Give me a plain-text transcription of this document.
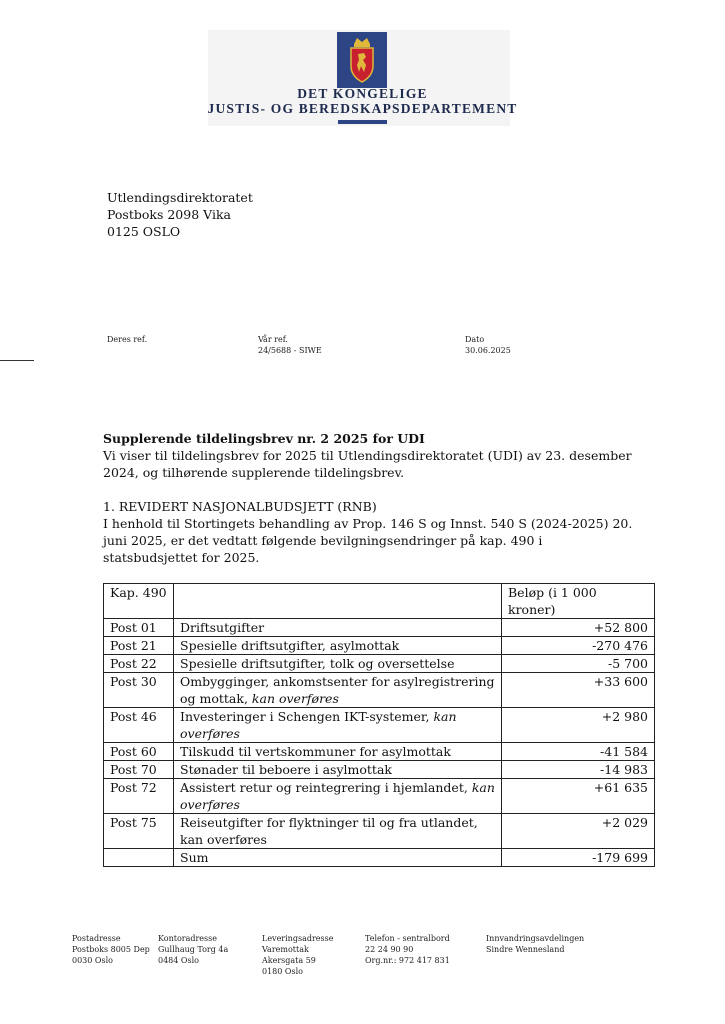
DET KONGELIGE
JUSTIS- OG BEREDSKAPSDEPARTEMENT
Utlendingsdirektoratet
Postboks 2098 Vika
0125 OSLO
Deres ref.	Vår ref.
24/5688 - SIWE
Dato
30.06.2025

Supplerende tildelingsbrev nr. 2 2025 for UDI

Vi viser til tildelingsbrev for 2025 til Utlendingsdirektoratet (UDI) av 23. desember 2024, og tilhørende supplerende tildelingsbrev.

1. REVIDERT NASJONALBUDSJETT (RNB)

I henhold til Stortingets behandling av Prop. 146 S og Innst. 540 S (2024-2025) 20. juni 2025, er det vedtatt følgende bevilgningsendringer på kap. 490 i statsbudsjettet for 2025.

Kap. 490		Beløp (i 1 000 kroner)
Post 01	Driftsutgifter	+52 800
Post 21	Spesielle driftsutgifter, asylmottak	-270 476
Post 22	Spesielle driftsutgifter, tolk og oversettelse	-5 700
Post 30	Ombygginger, ankomstsenter for asylregistrering og mottak, kan overføres	+33 600
Post 46	Investeringer i Schengen IKT-systemer, kan overføres	+2 980
Post 60	Tilskudd til vertskommuner for asylmottak	-41 584
Post 70	Stønader til beboere i asylmottak	-14 983
Post 72	Assistert retur og reintegrering i hjemlandet, kan overføres	+61 635
Post 75	Reiseutgifter for flyktninger til og fra utlandet, kan overføres	+2 029
	Sum	-179 699
Postadresse
Postboks 8005 Dep
0030 Oslo
Kontoradresse
Gullhaug Torg 4a
0484 Oslo
Leveringsadresse
Varemottak
Akersgata 59
0180 Oslo
Telefon - sentralbord
22 24 90 90
Org.nr.: 972 417 831
Innvandringsavdelingen
Sindre Wennesland
